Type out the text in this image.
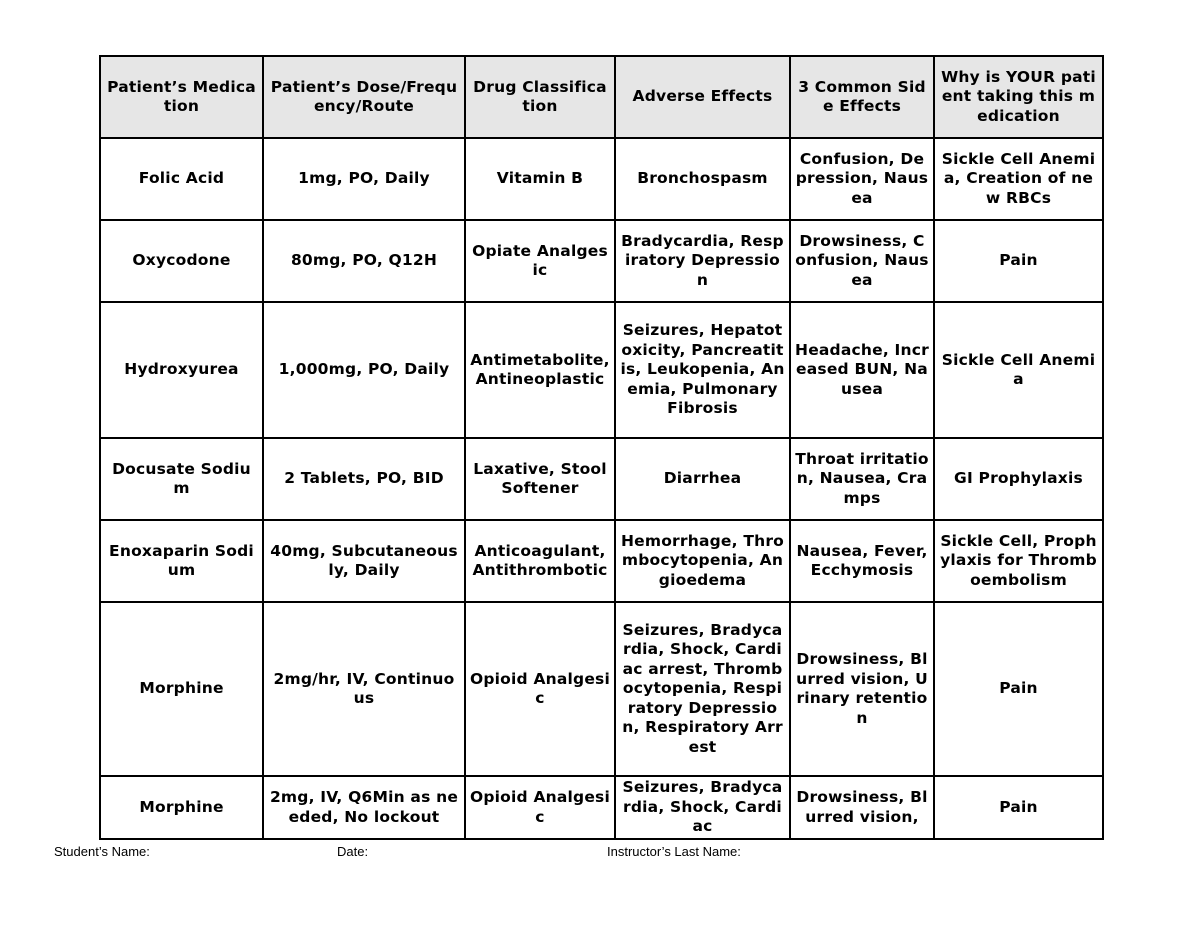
Patient’s Medication	Patient’s Dose/Frequency/Route	Drug Classification	Adverse Effects	3 Common Side Effects	Why is YOUR patient taking this medication
Folic Acid	1mg, PO, Daily	Vitamin B	Bronchospasm	Confusion, Depression, Nausea	Sickle Cell Anemia, Creation of new RBCs
Oxycodone	80mg, PO, Q12H	Opiate Analgesic	Bradycardia, Respiratory Depression	Drowsiness, Confusion, Nausea	Pain
Hydroxyurea	1,000mg, PO, Daily	Antimetabolite, Antineoplastic	Seizures, Hepatotoxicity, Pancreatitis, Leukopenia, Anemia, Pulmonary Fibrosis	Headache, Increased BUN, Nausea	Sickle Cell Anemia
Docusate Sodium	2 Tablets, PO, BID	Laxative, Stool Softener	Diarrhea	Throat irritation, Nausea, Cramps	GI Prophylaxis
Enoxaparin Sodium	40mg, Subcutaneously, Daily	Anticoagulant, Antithrombotic	Hemorrhage, Thrombocytopenia, Angioedema	Nausea, Fever, Ecchymosis	Sickle Cell, Prophylaxis for Thromboembolism
Morphine	2mg/hr, IV, Continuous	Opioid Analgesic	Seizures, Bradycardia, Shock, Cardiac arrest, Thrombocytopenia, Respiratory Depression, Respiratory Arrest	Drowsiness, Blurred vision, Urinary retention	Pain
Morphine	2mg, IV, Q6Min as needed, No lockout	Opioid Analgesic	Seizures, Bradycardia, Shock, Cardiac	Drowsiness, Blurred vision,	Pain
Student’s Name:	Date:	Instructor’s Last Name:
